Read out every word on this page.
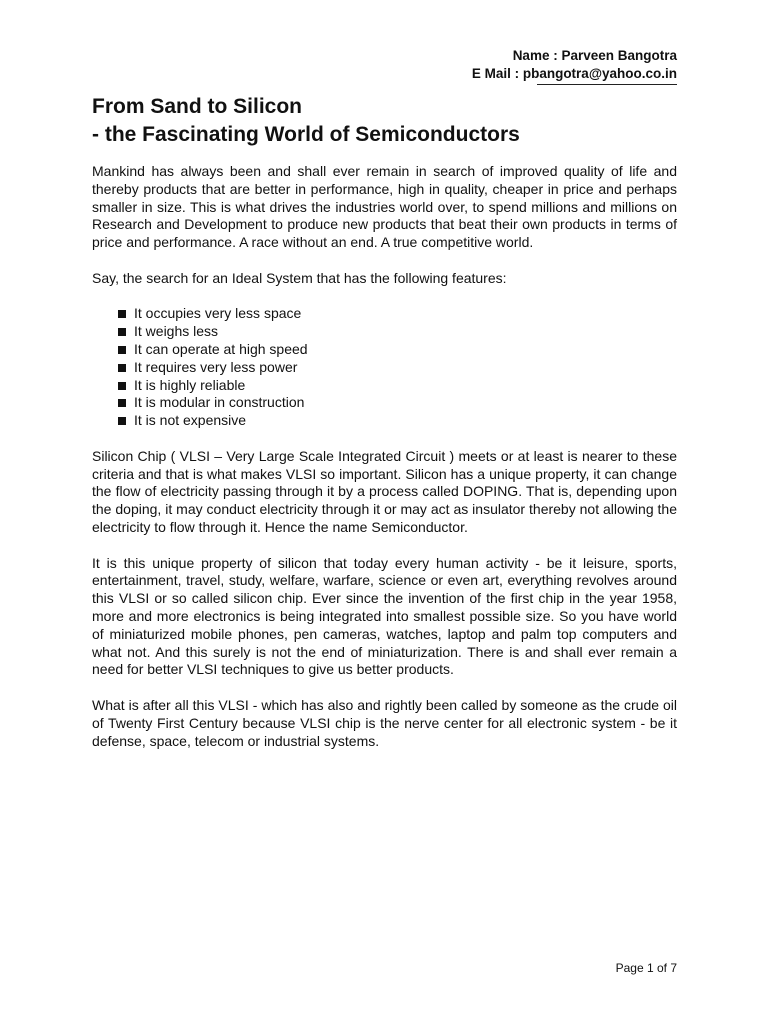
Name : Parveen Bangotra
E Mail : pbangotra@yahoo.co.in
From Sand to Silicon
- the Fascinating World of Semiconductors

Mankind has always been and shall ever remain in search of improved quality of life and thereby products that are better in performance, high in quality, cheaper in price and perhaps smaller in size. This is what drives the industries world over, to spend millions and millions on Research and Development to produce new products that beat their own products in terms of price and performance. A race without an end. A true competitive world.

Say, the search for an Ideal System that has the following features:

It occupies very less space
It weighs less
It can operate at high speed
It requires very less power
It is highly reliable
It is modular in construction
It is not expensive

Silicon Chip ( VLSI – Very Large Scale Integrated Circuit ) meets or at least is nearer to these criteria and that is what makes VLSI so important. Silicon has a unique property, it can change the flow of electricity passing through it by a process called DOPING. That is, depending upon the doping, it may conduct electricity through it or may act as insulator thereby not allowing the electricity to flow through it. Hence the name Semiconductor.

It is this unique property of silicon that today every human activity - be it leisure, sports, entertainment, travel, study, welfare, warfare, science or even art, everything revolves around this VLSI or so called silicon chip. Ever since the invention of the first chip in the year 1958, more and more electronics is being integrated into smallest possible size. So you have world of miniaturized mobile phones, pen cameras, watches, laptop and palm top computers and what not. And this surely is not the end of miniaturization. There is and shall ever remain a need for better VLSI techniques to give us better products.

What is after all this VLSI - which has also and rightly been called by someone as the crude oil of Twenty First Century because VLSI chip is the nerve center for all electronic system - be it defense, space, telecom or industrial systems.

Page 1 of 7
